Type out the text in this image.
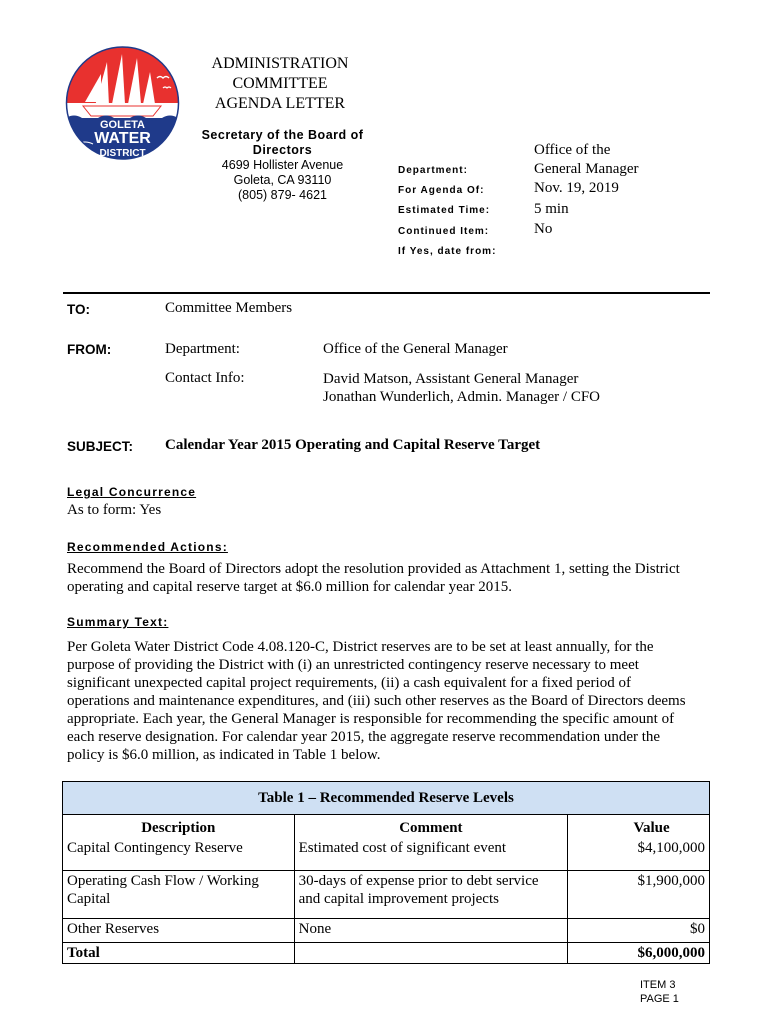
GOLETA
WATER
DISTRICT
ADMINISTRATION
COMMITTEE
AGENDA LETTER
Secretary of the Board of
Directors
4699 Hollister Avenue
Goleta, CA 93110
(805) 879- 4621
Department:
Office of the
General Manager
For Agenda Of:	Nov. 19, 2019
Estimated Time:	5 min
Continued Item:	No
If Yes, date from:
TO:	Committee Members
FROM:	Department:	Office of the General Manager
Contact Info:	David Matson, Assistant General Manager
Jonathan Wunderlich, Admin. Manager / CFO
SUBJECT: Calendar Year 2015 Operating and Capital Reserve Target
Legal Concurrence
As to form: Yes
Recommended Actions:
Recommend the Board of Directors adopt the resolution provided as Attachment 1, setting the District
operating and capital reserve target at $6.0 million for calendar year 2015.
Summary Text:
Per Goleta Water District Code 4.08.120-C, District reserves are to be set at least annually, for the
purpose of providing the District with (i) an unrestricted contingency reserve necessary to meet
significant unexpected capital project requirements, (ii) a cash equivalent for a fixed period of
operations and maintenance expenditures, and (iii) such other reserves as the Board of Directors deems
appropriate. Each year, the General Manager is responsible for recommending the specific amount of
each reserve designation. For calendar year 2015, the aggregate reserve recommendation under the
policy is $6.0 million, as indicated in Table 1 below.
Table 1 – Recommended Reserve Levels		
Description	Comment	Value
Capital Contingency Reserve	Estimated cost of significant event	$4,100,000
Operating Cash Flow / Working Capital	30-days of expense prior to debt service and capital improvement projects	$1,900,000
Other Reserves	None	$0
Total		$6,000,000
ITEM 3
PAGE 1
